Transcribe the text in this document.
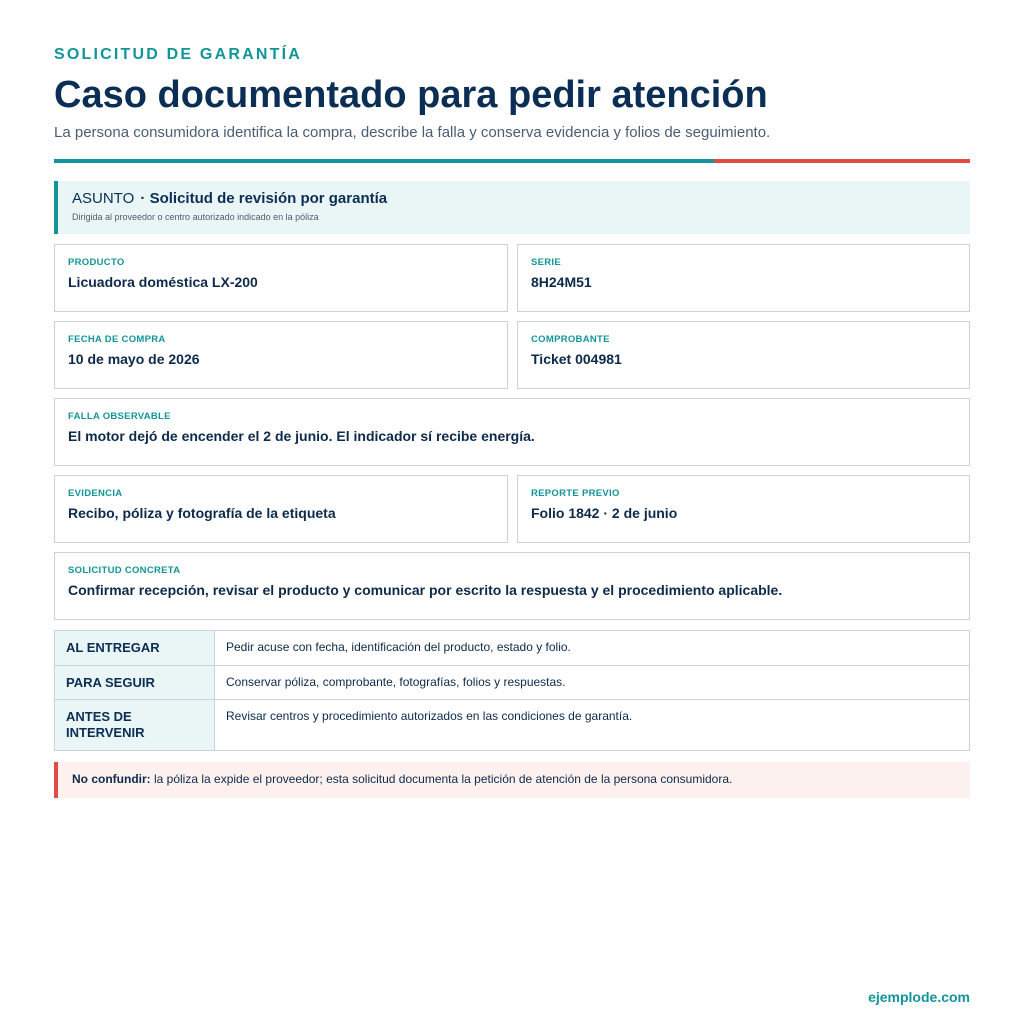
SOLICITUD DE GARANTÍA
Caso documentado para pedir atención
La persona consumidora identifica la compra, describe la falla y conserva evidencia y folios de seguimiento.
ASUNTO · Solicitud de revisión por garantía
Dirigida al proveedor o centro autorizado indicado en la póliza
PRODUCTO
Licuadora doméstica LX-200
SERIE
8H24M51
FECHA DE COMPRA
10 de mayo de 2026
COMPROBANTE
Ticket 004981
FALLA OBSERVABLE
El motor dejó de encender el 2 de junio. El indicador sí recibe energía.
EVIDENCIA
Recibo, póliza y fotografía de la etiqueta
REPORTE PREVIO
Folio 1842 · 2 de junio
SOLICITUD CONCRETA
Confirmar recepción, revisar el producto y comunicar por escrito la respuesta y el procedimiento aplicable.
AL ENTREGAR	Pedir acuse con fecha, identificación del producto, estado y folio.
PARA SEGUIR	Conservar póliza, comprobante, fotografías, folios y respuestas.
ANTES DE INTERVENIR	Revisar centros y procedimiento autorizados en las condiciones de garantía.
No confundir: la póliza la expide el proveedor; esta solicitud documenta la petición de atención de la persona consumidora.
ejemplode.com
